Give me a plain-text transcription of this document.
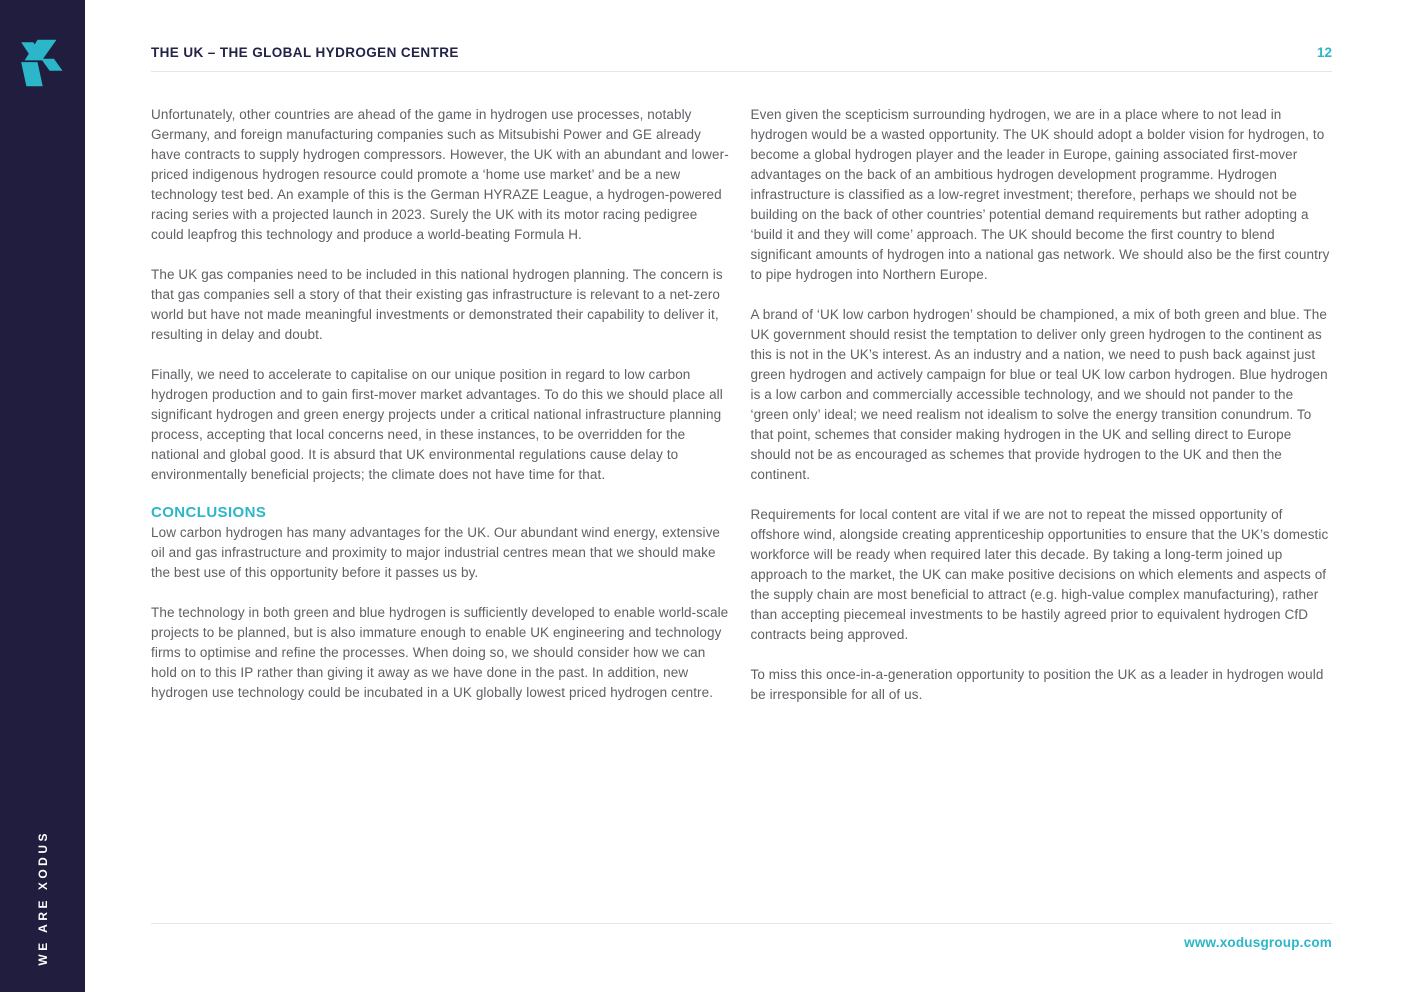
WE ARE XODUS
THE UK – THE GLOBAL HYDROGEN CENTRE	12

Unfortunately, other countries are ahead of the game in hydrogen use processes, notably Germany, and foreign manufacturing companies such as Mitsubishi Power and GE already have contracts to supply hydrogen compressors. However, the UK with an abundant and lower-priced indigenous hydrogen resource could promote a ‘home use market’ and be a new technology test bed. An example of this is the German HYRAZE League, a hydrogen-powered racing series with a projected launch in 2023. Surely the UK with its motor racing pedigree could leapfrog this technology and produce a world-beating Formula H.

The UK gas companies need to be included in this national hydrogen planning. The concern is that gas companies sell a story of that their existing gas infrastructure is relevant to a net-zero world but have not made meaningful investments or demonstrated their capability to deliver it, resulting in delay and doubt.

Finally, we need to accelerate to capitalise on our unique position in regard to low carbon hydrogen production and to gain first-mover market advantages. To do this we should place all significant hydrogen and green energy projects under a critical national infrastructure planning process, accepting that local concerns need, in these instances, to be overridden for the national and global good. It is absurd that UK environmental regulations cause delay to environmentally beneficial projects; the climate does not have time for that.

CONCLUSIONS

Low carbon hydrogen has many advantages for the UK. Our abundant wind energy, extensive oil and gas infrastructure and proximity to major industrial centres mean that we should make the best use of this opportunity before it passes us by.

The technology in both green and blue hydrogen is sufficiently developed to enable world-scale projects to be planned, but is also immature enough to enable UK engineering and technology firms to optimise and refine the processes. When doing so, we should consider how we can hold on to this IP rather than giving it away as we have done in the past. In addition, new hydrogen use technology could be incubated in a UK globally lowest priced hydrogen centre.

Even given the scepticism surrounding hydrogen, we are in a place where to not lead in hydrogen would be a wasted opportunity. The UK should adopt a bolder vision for hydrogen, to become a global hydrogen player and the leader in Europe, gaining associated first-mover advantages on the back of an ambitious hydrogen development programme. Hydrogen infrastructure is classified as a low-regret investment; therefore, perhaps we should not be building on the back of other countries’ potential demand requirements but rather adopting a ‘build it and they will come’ approach. The UK should become the first country to blend significant amounts of hydrogen into a national gas network. We should also be the first country to pipe hydrogen into Northern Europe.

A brand of ‘UK low carbon hydrogen’ should be championed, a mix of both green and blue. The UK government should resist the temptation to deliver only green hydrogen to the continent as this is not in the UK’s interest. As an industry and a nation, we need to push back against just green hydrogen and actively campaign for blue or teal UK low carbon hydrogen. Blue hydrogen is a low carbon and commercially accessible technology, and we should not pander to the ‘green only’ ideal; we need realism not idealism to solve the energy transition conundrum. To that point, schemes that consider making hydrogen in the UK and selling direct to Europe should not be as encouraged as schemes that provide hydrogen to the UK and then the continent.

Requirements for local content are vital if we are not to repeat the missed opportunity of offshore wind, alongside creating apprenticeship opportunities to ensure that the UK’s domestic workforce will be ready when required later this decade. By taking a long-term joined up approach to the market, the UK can make positive decisions on which elements and aspects of the supply chain are most beneficial to attract (e.g. high-value complex manufacturing), rather than accepting piecemeal investments to be hastily agreed prior to equivalent hydrogen CfD contracts being approved.

To miss this once-in-a-generation opportunity to position the UK as a leader in hydrogen would be irresponsible for all of us.

www.xodusgroup.com
